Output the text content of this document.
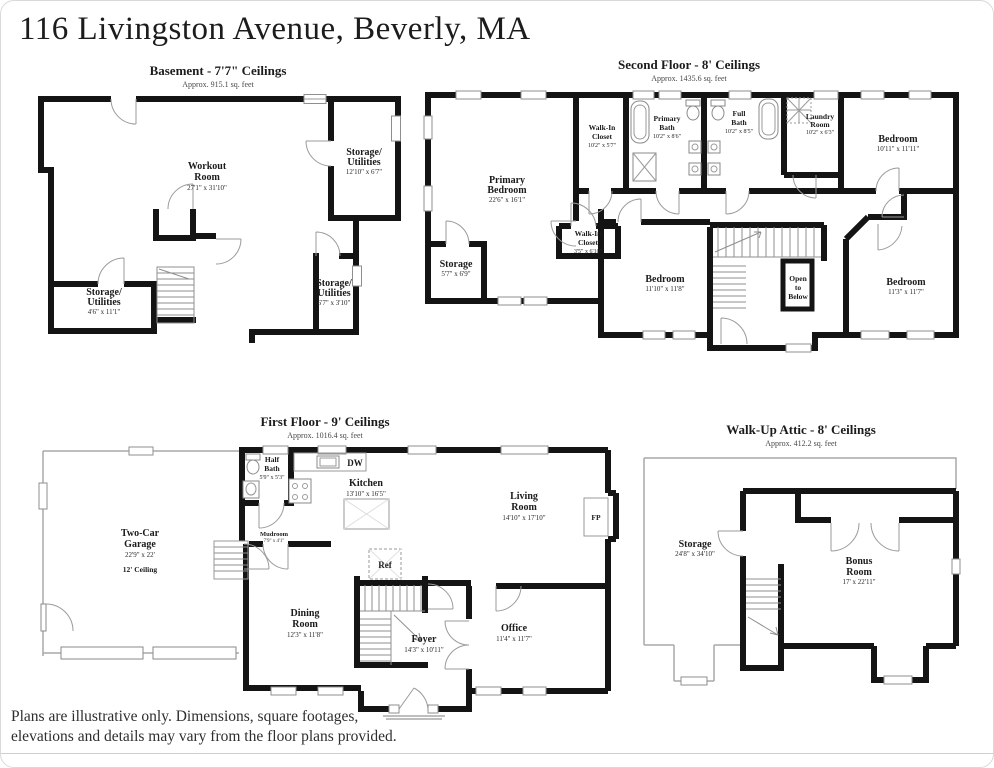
116 Livingston Avenue, Beverly, MA
Basement - 7'7" Ceilings
Approx. 915.1 sq. feet
Second Floor - 8' Ceilings
Approx. 1435.6 sq. feet
First Floor - 9' Ceilings
Approx. 1016.4 sq. feet	Walk-Up Attic - 8' Ceilings
Approx. 412.2 sq. feet
Workout
Room
27'1" x 31'10"
Storage/
Utilities
12'10" x 6'7"
Storage/
Utilities
4'6" x 11'1"
Storage/
Utilities
6'7" x 3'10"
Primary
Bedroom
22'6" x 16'1"
Walk-In
Closet
10'2" x 5'7"
Primary
Bath
10'2" x 8'6"
Full
Bath
10'2" x 8'5"
Laundry
Room
10'2" x 6'3"
Bedroom
10'11" x 11'11"
Storage
5'7" x 6'9"
Walk-In
Closet
3'5" x 6'10"
Bedroom
11'10" x 11'8"
Open
to
Below
Bedroom
11'3" x 11'7"
Two-Car
Garage
22'9" x 22'
12' Ceiling
Half
Bath
5'9" x 5'3"	Kitchen
13'10" x 16'5"	Living
Room
14'10" x 17'10"
Mudroom
7'9" x 4'1"
Dining
Room
12'3" x 11'8"	Foyer
14'3" x 10'11"
Office
11'4" x 11'7"
DW
Ref
FP
Storage
24'8" x 34'10"
Bonus
Room
17' x 22'11"
Plans are illustrative only. Dimensions, square footages,
elevations and details may vary from the floor plans provided.
